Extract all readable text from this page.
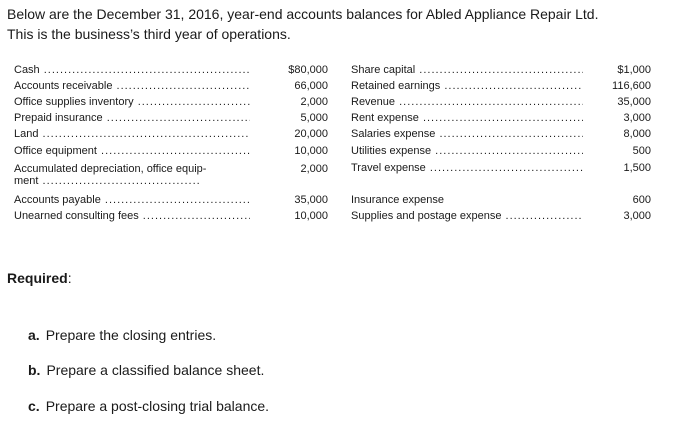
Below are the December 31, 2016, year-end accounts balances for Abled Appliance Repair Ltd.
This is the business’s third year of operations.

Cash .....	$80,000
Accounts receivable .....	66,000
Office supplies inventory .....	2,000
Prepaid insurance .....	5,000
Land .....	20,000
Office equipment .....	10,000
Accumulated depreciation, office equip-
ment .......................................
2,000
Accounts payable .....	35,000
Unearned consulting fees .....	10,000
Share capital .....	$1,000
Retained earnings .....	116,600
Revenue .....	35,000
Rent expense .....	3,000
Salaries expense .....	8,000
Utilities expense .....	500
Travel expense .....	1,500
Insurance expense	600
Supplies and postage expense .....	3,000

Required:

a. Prepare the closing entries.
b. Prepare a classified balance sheet.
c. Prepare a post-closing trial balance.
